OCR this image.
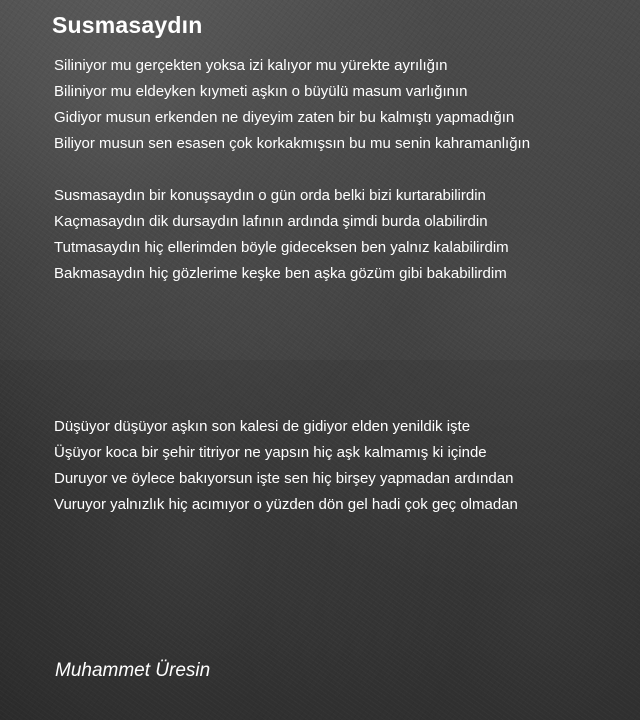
Susmasaydın
Siliniyor mu gerçekten yoksa izi kalıyor mu yürekte ayrılığın
Biliniyor mu eldeyken kıymeti aşkın o büyülü masum varlığının
Gidiyor musun erkenden ne diyeyim zaten bir bu kalmıştı yapmadığın
Biliyor musun sen esasen çok korkakmışsın bu mu senin kahramanlığın
Susmasaydın bir konuşsaydın o gün orda belki bizi kurtarabilirdin
Kaçmasaydın dik dursaydın lafının ardında şimdi burda olabilirdin
Tutmasaydın hiç ellerimden böyle gideceksen ben yalnız kalabilirdim
Bakmasaydın hiç gözlerime keşke ben aşka gözüm gibi bakabilirdim
Düşüyor düşüyor aşkın son kalesi de gidiyor elden yenildik işte
Üşüyor koca bir şehir titriyor ne yapsın hiç aşk kalmamış ki içinde
Duruyor ve öylece bakıyorsun işte sen hiç birşey yapmadan ardından
Vuruyor yalnızlık hiç acımıyor o yüzden dön gel hadi çok geç olmadan
Muhammet Üresin
